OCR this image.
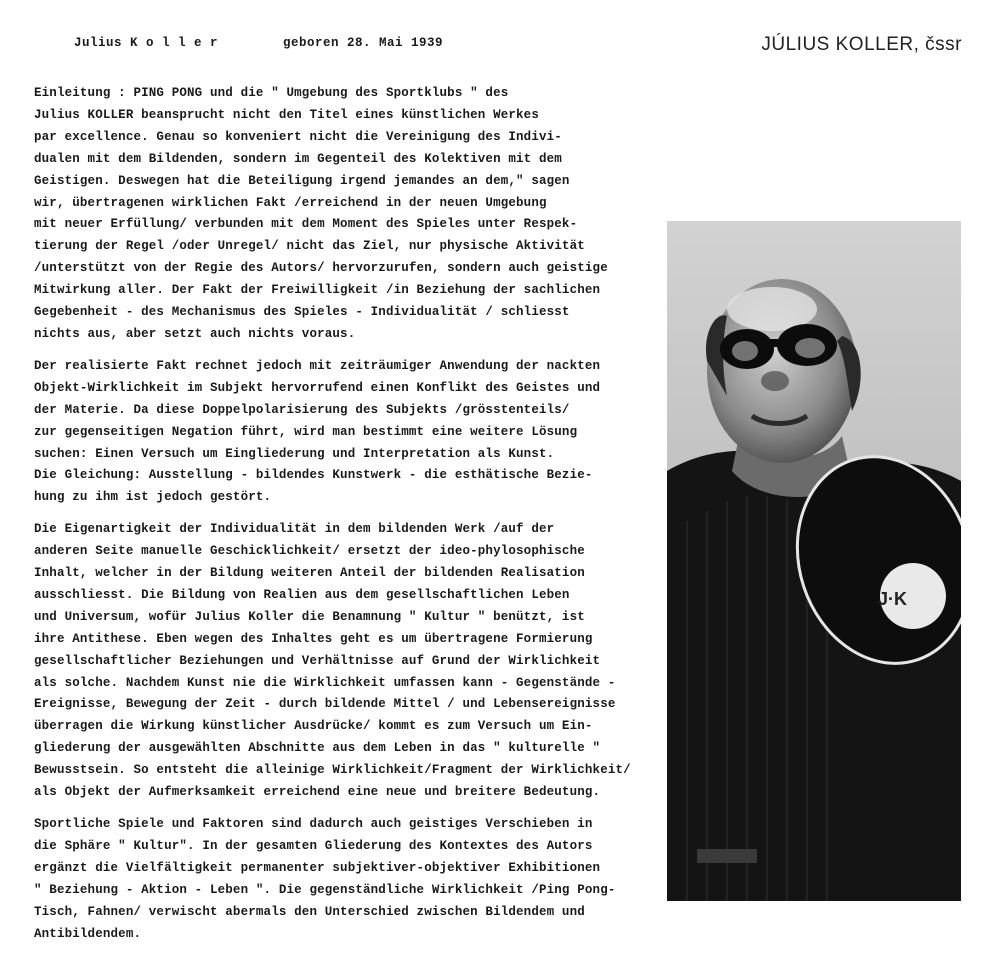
Julius K o l l e r	geboren 28. Mai 1939	JÚLIUS KOLLER, čssr
Einleitung : PING PONG und die " Umgebung des Sportklubs " des
Julius KOLLER beansprucht nicht den Titel eines künstlichen Werkes
par excellence. Genau so konveniert nicht die Vereinigung des Indivi-
dualen mit dem Bildenden, sondern im Gegenteil des Kolektiven mit dem
Geistigen. Deswegen hat die Beteiligung irgend jemandes an dem," sagen
wir, übertragenen wirklichen Fakt /erreichend in der neuen Umgebung
mit neuer Erfüllung/ verbunden mit dem Moment des Spieles unter Respek-
tierung der Regel /oder Unregel/ nicht das Ziel, nur physische Aktivität
/unterstützt von der Regie des Autors/ hervorzurufen, sondern auch geistige
Mitwirkung aller. Der Fakt der Freiwilligkeit /in Beziehung der sachlichen
Gegebenheit - des Mechanismus des Spieles - Individualität / schliesst
nichts aus, aber setzt auch nichts voraus.
Der realisierte Fakt rechnet jedoch mit zeiträumiger Anwendung der nackten
Objekt-Wirklichkeit im Subjekt hervorrufend einen Konflikt des Geistes und
der Materie. Da diese Doppelpolarisierung des Subjekts /grösstenteils/
zur gegenseitigen Negation führt, wird man bestimmt eine weitere Lösung
suchen: Einen Versuch um Eingliederung und Interpretation als Kunst.
Die Gleichung: Ausstellung - bildendes Kunstwerk - die esthätische Bezie-
hung zu ihm ist jedoch gestört.
Die Eigenartigkeit der Individualität in dem bildenden Werk /auf der
anderen Seite manuelle Geschicklichkeit/ ersetzt der ideo-phylosophische
Inhalt, welcher in der Bildung weiteren Anteil der bildenden Realisation
ausschliesst. Die Bildung von Realien aus dem gesellschaftlichen Leben
und Universum, wofür Julius Koller die Benamnung " Kultur " benützt, ist
ihre Antithese. Eben wegen des Inhaltes geht es um übertragene Formierung
gesellschaftlicher Beziehungen und Verhältnisse auf Grund der Wirklichkeit
als solche. Nachdem Kunst nie die Wirklichkeit umfassen kann - Gegenstände -
Ereignisse, Bewegung der Zeit - durch bildende Mittel / und Lebensereignisse
überragen die Wirkung künstlicher Ausdrücke/ kommt es zum Versuch um Ein-
gliederung der ausgewählten Abschnitte aus dem Leben in das " kulturelle "
Bewusstsein. So entsteht die alleinige Wirklichkeit/Fragment der Wirklichkeit/
als Objekt der Aufmerksamkeit erreichend eine neue und breitere Bedeutung.
Sportliche Spiele und Faktoren sind dadurch auch geistiges Verschieben in
die Sphäre " Kultur". In der gesamten Gliederung des Kontextes des Autors
ergänzt die Vielfältigkeit permanenter subjektiver-objektiver Exhibitionen
" Beziehung - Aktion - Leben ". Die gegenständliche Wirklichkeit /Ping Pong-
Tisch, Fahnen/ verwischt abermals den Unterschied zwischen Bildendem und
Antibildendem.
J·K
